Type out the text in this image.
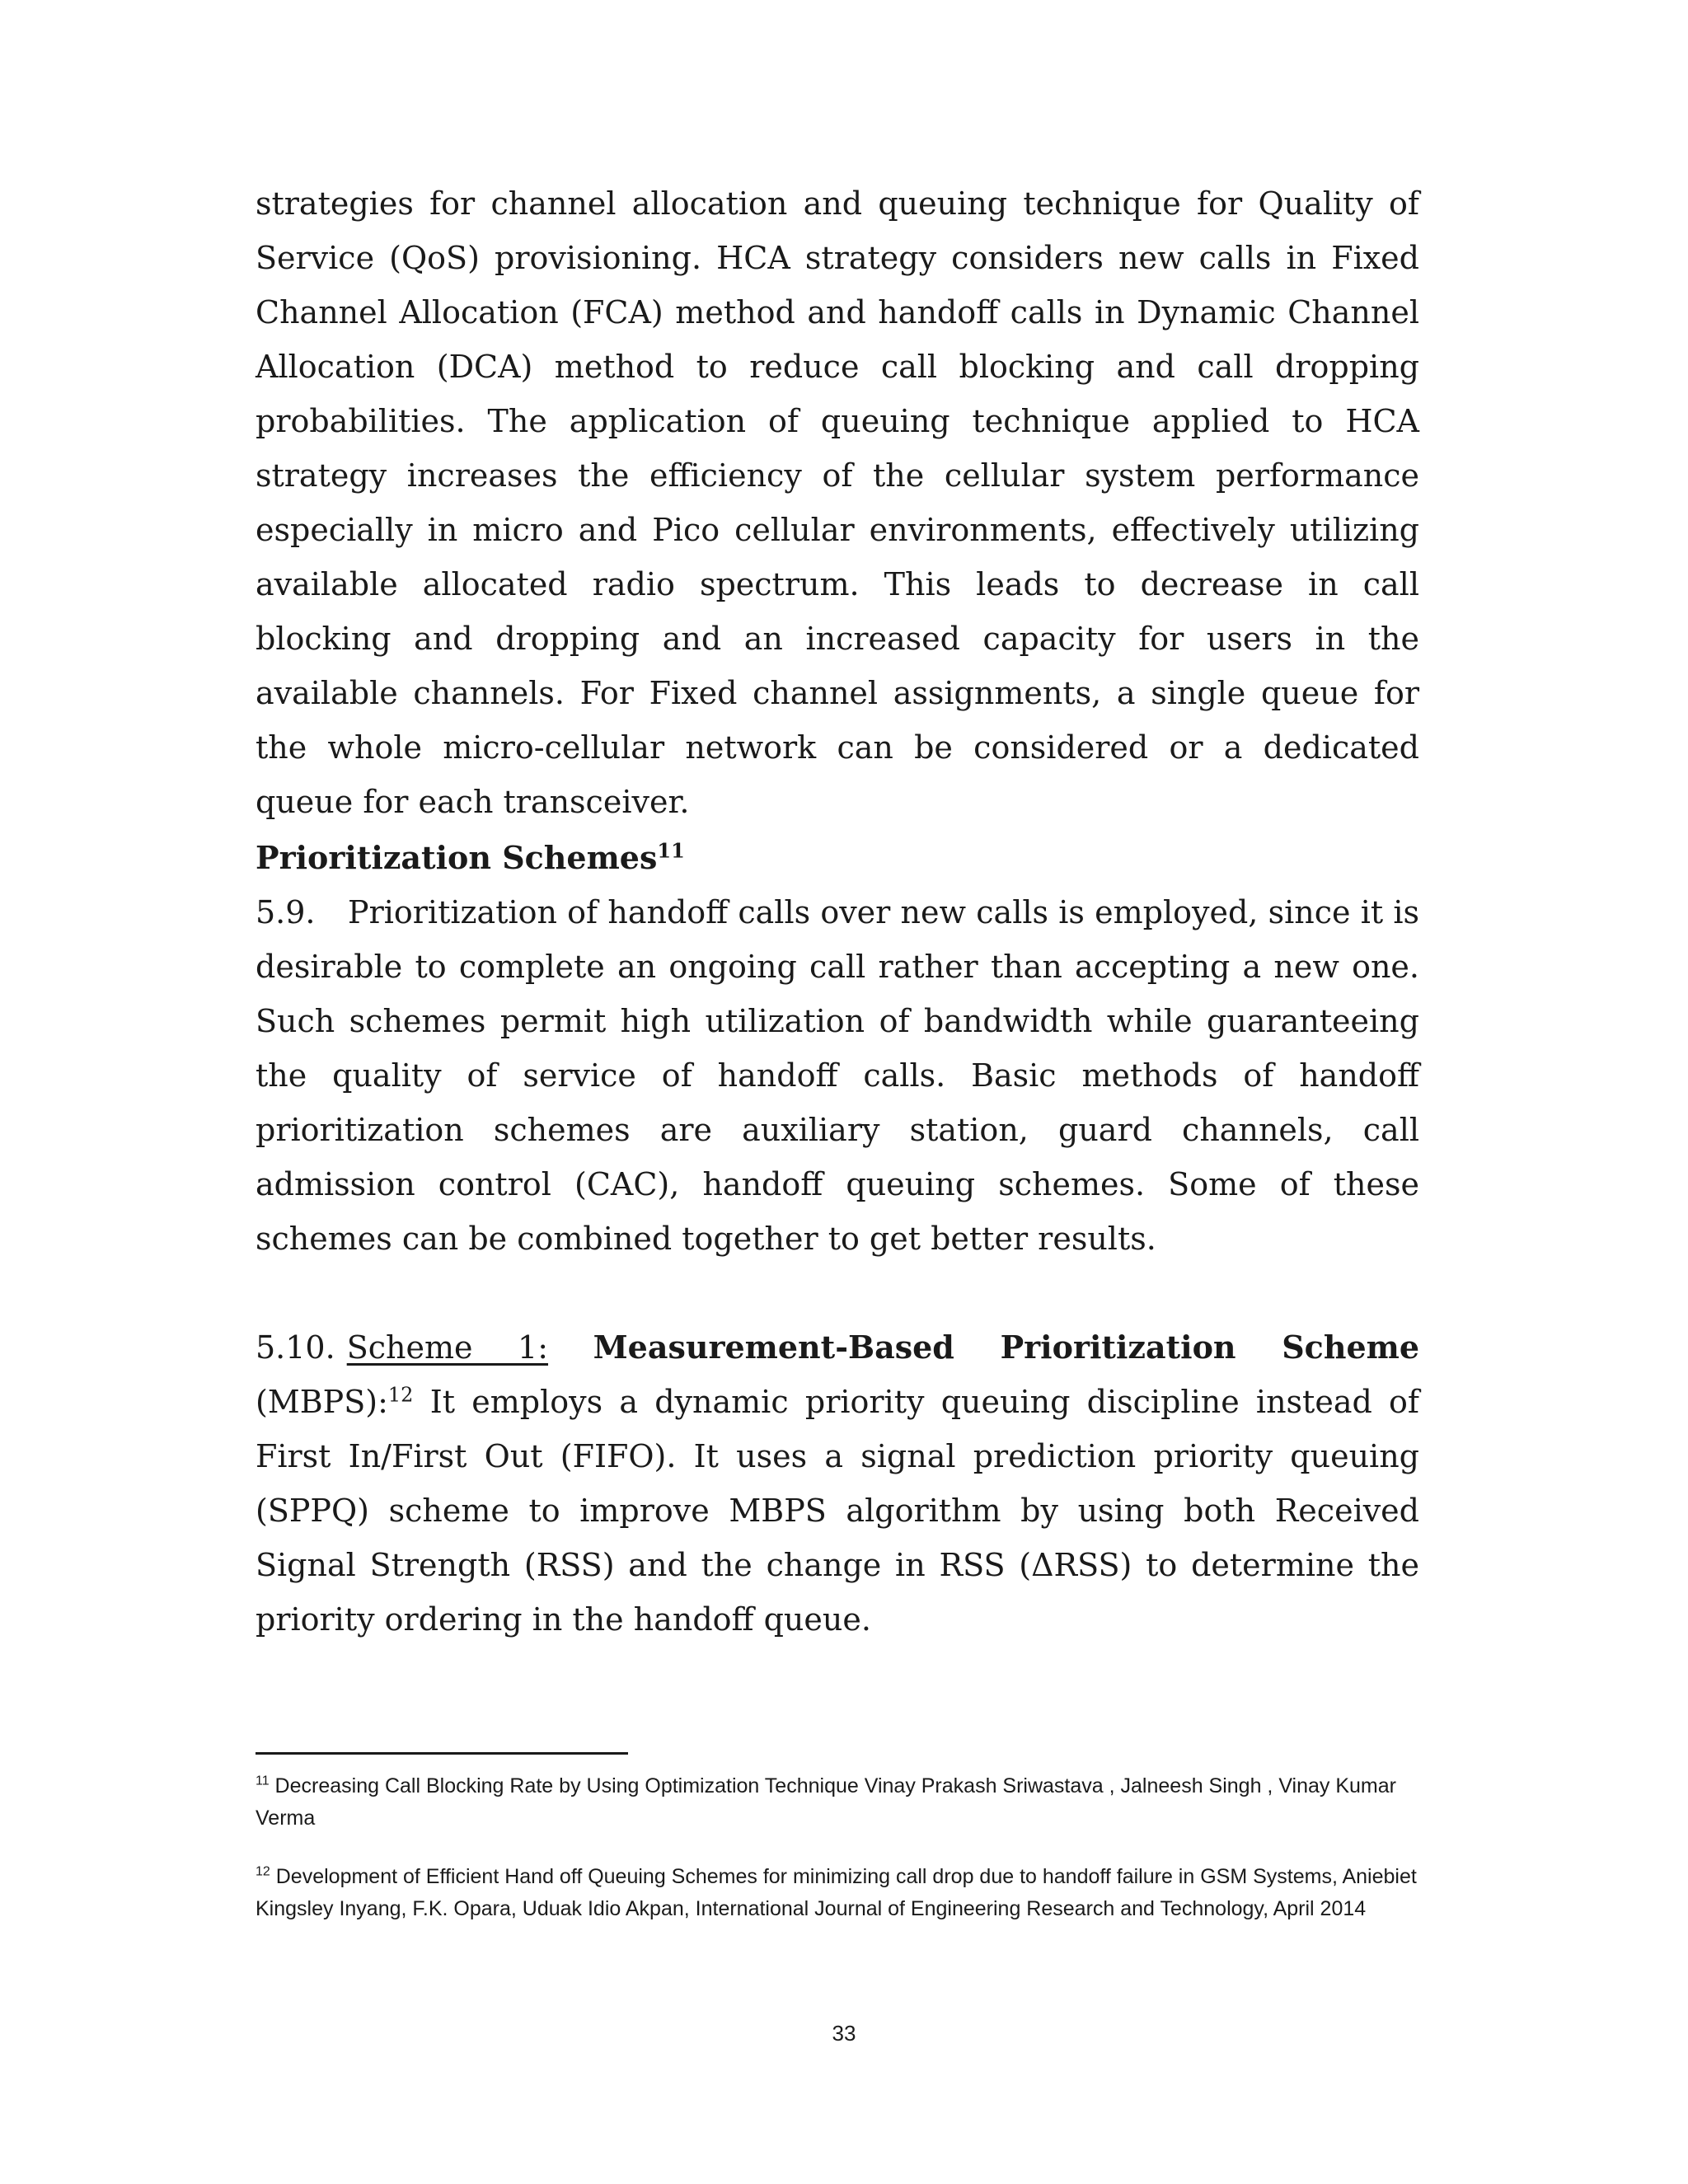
strategies for channel allocation and queuing technique for Quality of Service (QoS) provisioning. HCA strategy considers new calls in Fixed Channel Allocation (FCA) method and handoff calls in Dynamic Channel Allocation (DCA) method to reduce call blocking and call dropping probabilities. The application of queuing technique applied to HCA strategy increases the efficiency of the cellular system performance especially in micro and Pico cellular environments, effectively utilizing available allocated radio spectrum. This leads to decrease in call blocking and dropping and an increased capacity for users in the available channels. For Fixed channel assignments, a single queue for the whole micro-cellular network can be considered or a dedicated queue for each transceiver.

Prioritization Schemes$^{11}$

5.9. Prioritization of handoff calls over new calls is employed, since it is desirable to complete an ongoing call rather than accepting a new one. Such schemes permit high utilization of bandwidth while guaranteeing the quality of service of handoff calls. Basic methods of handoff prioritization schemes are auxiliary station, guard channels, call admission control (CAC), handoff queuing schemes. Some of these schemes can be combined together to get better results.

5.10. Scheme 1: Measurement-Based Prioritization Scheme (MBPS):$^{12}$ It employs a dynamic priority queuing discipline instead of First In/First Out (FIFO). It uses a signal prediction priority queuing (SPPQ) scheme to improve MBPS algorithm by using both Received Signal Strength (RSS) and the change in RSS (ΔRSS) to determine the priority ordering in the handoff queue.

$^{11}$ Decreasing Call Blocking Rate by Using Optimization Technique Vinay Prakash Sriwastava , Jalneesh Singh , Vinay Kumar Verma

$^{12}$ Development of Efficient Hand off Queuing Schemes for minimizing call drop due to handoff failure in GSM Systems, Aniebiet Kingsley Inyang, F.K. Opara, Uduak Idio Akpan, International Journal of Engineering Research and Technology, April 2014

33
